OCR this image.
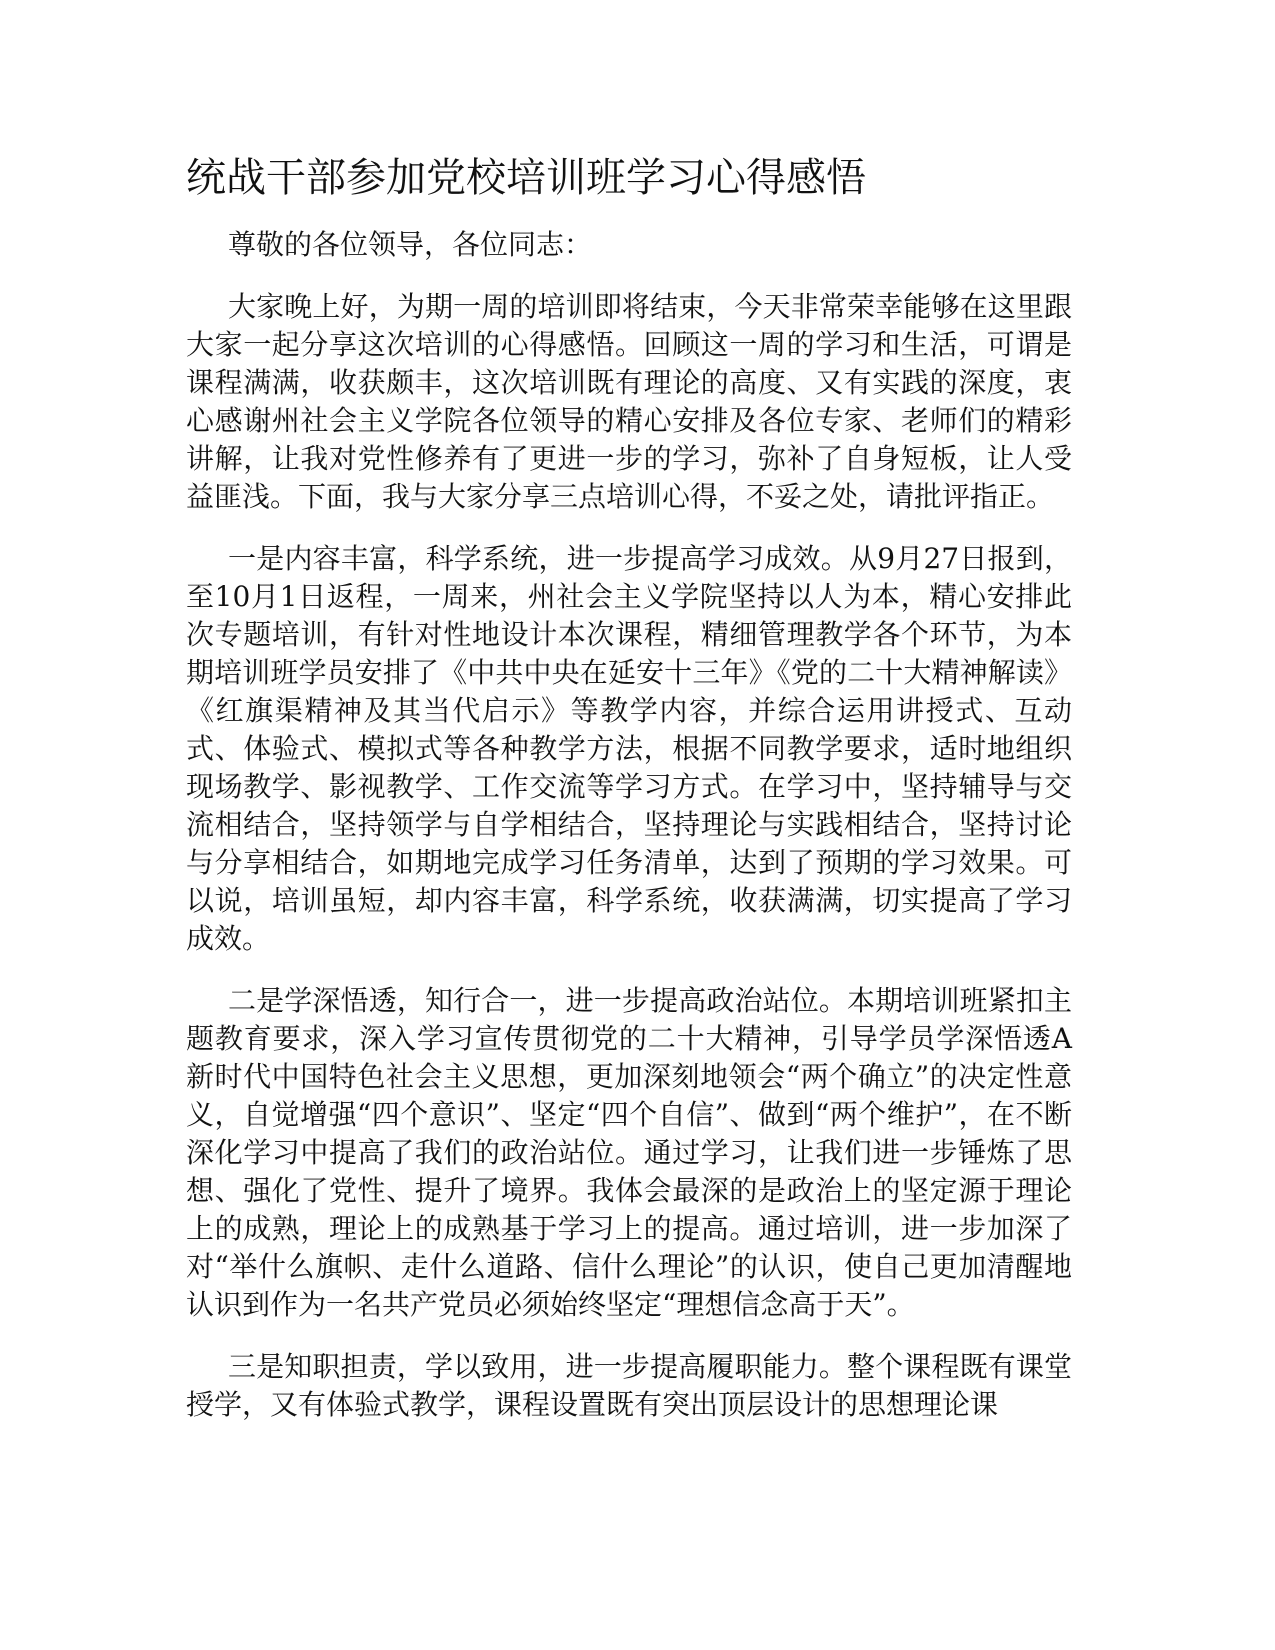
统战干部参加党校培训班学习心得感悟

尊敬的各位领导，各位同志：

大家晚上好，为期一周的培训即将结束，今天非常荣幸能够在这里跟大家一起分享这次培训的心得感悟。回顾这一周的学习和生活，可谓是课程满满，收获颇丰，这次培训既有理论的高度、又有实践的深度，衷心感谢州社会主义学院各位领导的精心安排及各位专家、老师们的精彩讲解，让我对党性修养有了更进一步的学习，弥补了自身短板，让人受益匪浅。下面，我与大家分享三点培训心得，不妥之处，请批评指正。

一是内容丰富，科学系统，进一步提高学习成效。从9月27日报到，至10月1日返程，一周来，州社会主义学院坚持以人为本，精心安排此次专题培训，有针对性地设计本次课程，精细管理教学各个环节，为本期培训班学员安排了《中共中央在延安十三年》《党的二十大精神解读》《红旗渠精神及其当代启示》等教学内容，并综合运用讲授式、互动式、体验式、模拟式等各种教学方法，根据不同教学要求，适时地组织现场教学、影视教学、工作交流等学习方式。在学习中，坚持辅导与交流相结合，坚持领学与自学相结合，坚持理论与实践相结合，坚持讨论与分享相结合，如期地完成学习任务清单，达到了预期的学习效果。可以说，培训虽短，却内容丰富，科学系统，收获满满，切实提高了学习成效。

二是学深悟透，知行合一，进一步提高政治站位。本期培训班紧扣主题教育要求，深入学习宣传贯彻党的二十大精神，引导学员学深悟透A新时代中国特色社会主义思想，更加深刻地领会“两个确立”的决定性意义，自觉增强“四个意识”、坚定“四个自信”、做到“两个维护”，在不断深化学习中提高了我们的政治站位。通过学习，让我们进一步锤炼了思想、强化了党性、提升了境界。我体会最深的是政治上的坚定源于理论上的成熟，理论上的成熟基于学习上的提高。通过培训，进一步加深了对“举什么旗帜、走什么道路、信什么理论”的认识，使自己更加清醒地认识到作为一名共产党员必须始终坚定“理想信念高于天”。

三是知职担责，学以致用，进一步提高履职能力。整个课程既有课堂授学，又有体验式教学，课程设置既有突出顶层设计的思想理论课
